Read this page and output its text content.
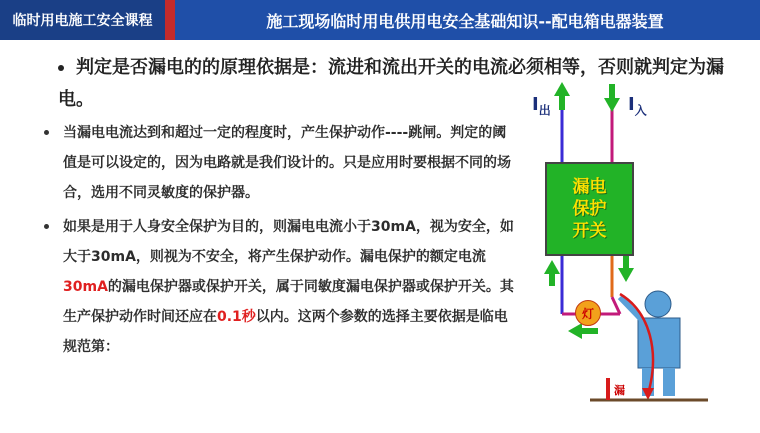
临时用电施工安全课程	施工现场临时用电供用电安全基础知识--配电箱电器装置
判定是否漏电的的原理依据是：流进和流出开关的电流必须相等，否则就判定为漏电。
当漏电电流达到和超过一定的程度时，产生保护动作----跳闸。判定的阈值是可以设定的，因为电路就是我们设计的。只是应用时要根据不同的场合，选用不同灵敏度的保护器。
如果是用于人身安全保护为目的，则漏电电流小于30mA，视为安全，如大于30mA，则视为不安全，将产生保护动作。漏电保护的额定电流30mA的漏电保护器或保护开关，属于同敏度漏电保护器或保护开关。其生产保护动作时间还应在0.1秒以内。这两个参数的选择主要依据是临电规范第：
漏电
保护
开关
$I_出$	$I_入$
灯
漏
